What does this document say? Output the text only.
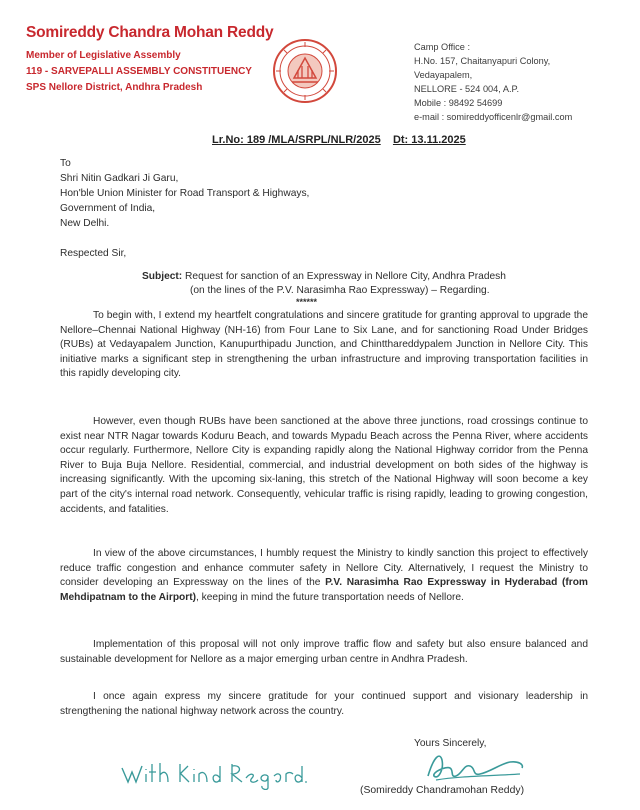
Somireddy Chandra Mohan Reddy
Member of Legislative Assembly
119 - SARVEPALLI ASSEMBLY CONSTITUENCY
SPS Nellore District, Andhra Pradesh
Camp Office :
H.No. 157, Chaitanyapuri Colony,
Vedayapalem,
NELLORE - 524 004, A.P.
Mobile : 98492 54699
e-mail : somireddyofficenlr@gmail.com
Lr.No: 189 /MLA/SRPL/NLR/2025 Dt: 13.11.2025
To
Shri Nitin Gadkari Ji Garu,
Hon'ble Union Minister for Road Transport & Highways,
Government of India,
New Delhi.
Respected Sir,
Subject: Request for sanction of an Expressway in Nellore City, Andhra Pradesh
(on the lines of the P.V. Narasimha Rao Expressway) – Regarding.
******

To begin with, I extend my heartfelt congratulations and sincere gratitude for granting approval to upgrade the Nellore–Chennai National Highway (NH-16) from Four Lane to Six Lane, and for sanctioning Road Under Bridges (RUBs) at Vedayapalem Junction, Kanupurthipadu Junction, and Chintthareddypalem Junction in Nellore City. This initiative marks a significant step in strengthening the urban infrastructure and improving transportation facilities in this rapidly developing city.

However, even though RUBs have been sanctioned at the above three junctions, road crossings continue to exist near NTR Nagar towards Koduru Beach, and towards Mypadu Beach across the Penna River, where accidents occur regularly. Furthermore, Nellore City is expanding rapidly along the National Highway corridor from the Penna River to Buja Buja Nellore. Residential, commercial, and industrial development on both sides of the highway is increasing significantly. With the upcoming six-laning, this stretch of the National Highway will soon become a key part of the city's internal road network. Consequently, vehicular traffic is rising rapidly, leading to growing congestion, accidents, and fatalities.

In view of the above circumstances, I humbly request the Ministry to kindly sanction this project to effectively reduce traffic congestion and enhance commuter safety in Nellore City. Alternatively, I request the Ministry to consider developing an Expressway on the lines of the P.V. Narasimha Rao Expressway in Hyderabad (from Mehdipatnam to the Airport), keeping in mind the future transportation needs of Nellore.

Implementation of this proposal will not only improve traffic flow and safety but also ensure balanced and sustainable development for Nellore as a major emerging urban centre in Andhra Pradesh.

I once again express my sincere gratitude for your continued support and visionary leadership in strengthening the national highway network across the country.

Yours Sincerely,
(Somireddy Chandramohan Reddy)
